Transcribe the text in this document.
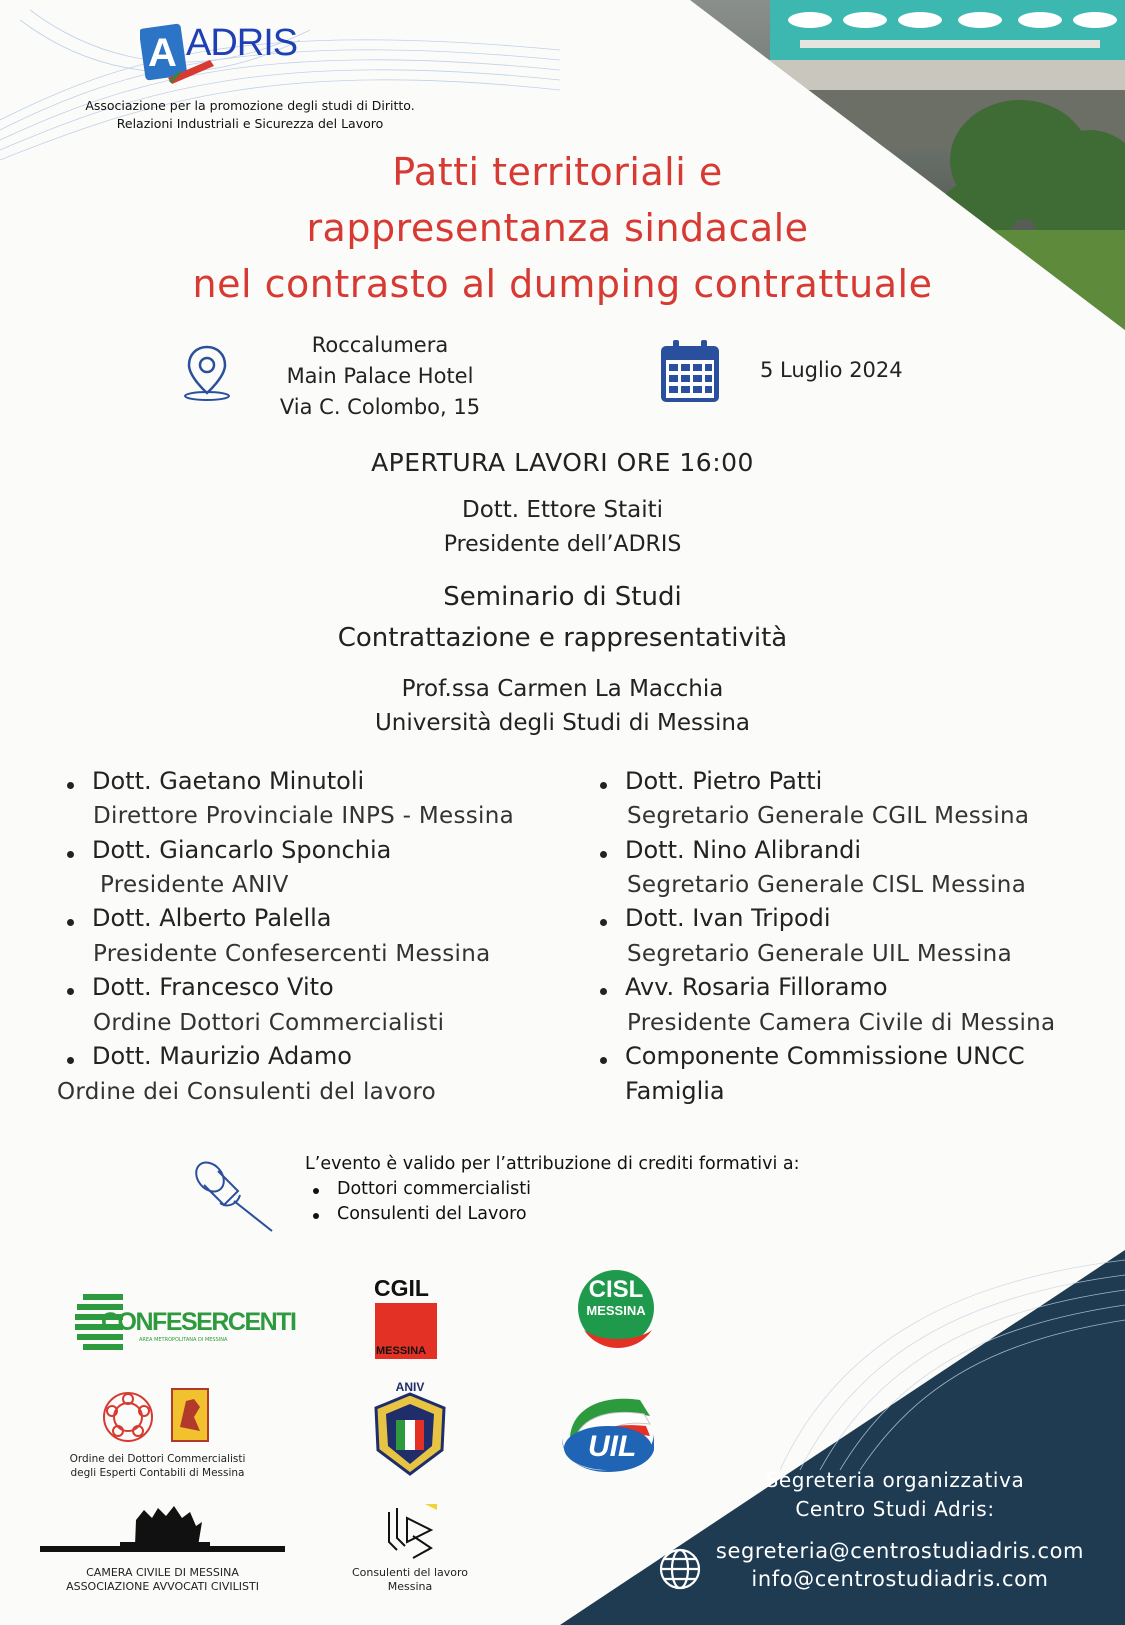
A ADRIS
Associazione per la promozione degli studi di Diritto.
Relazioni Industriali e Sicurezza del Lavoro
Patti territoriali e
rappresentanza sindacale
nel contrasto al dumping contrattuale
Roccalumera
Main Palace Hotel
Via C. Colombo, 15
5 Luglio 2024
APERTURA LAVORI ORE 16:00
Dott. Ettore Staiti
Presidente dell’ADRIS
Seminario di Studi
Contrattazione e rappresentatività
Prof.ssa Carmen La Macchia
Università degli Studi di Messina
Dott. Gaetano Minutoli
Direttore Provinciale INPS - Messina
Dott. Giancarlo Sponchia
Presidente ANIV
Dott. Alberto Palella
Presidente Confesercenti Messina
Dott. Francesco Vito
Ordine Dottori Commercialisti
Dott. Maurizio Adamo
Ordine dei Consulenti del lavoro
Dott. Pietro Patti
Segretario Generale CGIL Messina
Dott. Nino Alibrandi
Segretario Generale CISL Messina
Dott. Ivan Tripodi
Segretario Generale UIL Messina
Avv. Rosaria Filloramo
Presidente Camera Civile di Messina
Componente Commissione UNCC
Famiglia
L’evento è valido per l’attribuzione di crediti formativi a:
Dottori commercialisti
Consulenti del Lavoro
CONFESERCENTI
AREA METROPOLITANA DI MESSINA
CGIL
MESSINA
CISL
MESSINA
Ordine dei Dottori Commercialisti
degli Esperti Contabili di Messina
ANIV
UIL
CAMERA CIVILE DI MESSINA
ASSOCIAZIONE AVVOCATI CIVILISTI
Consulenti del lavoro
Messina
Segreteria organizzativa
Centro Studi Adris:
segreteria@centrostudiadris.com
info@centrostudiadris.com
